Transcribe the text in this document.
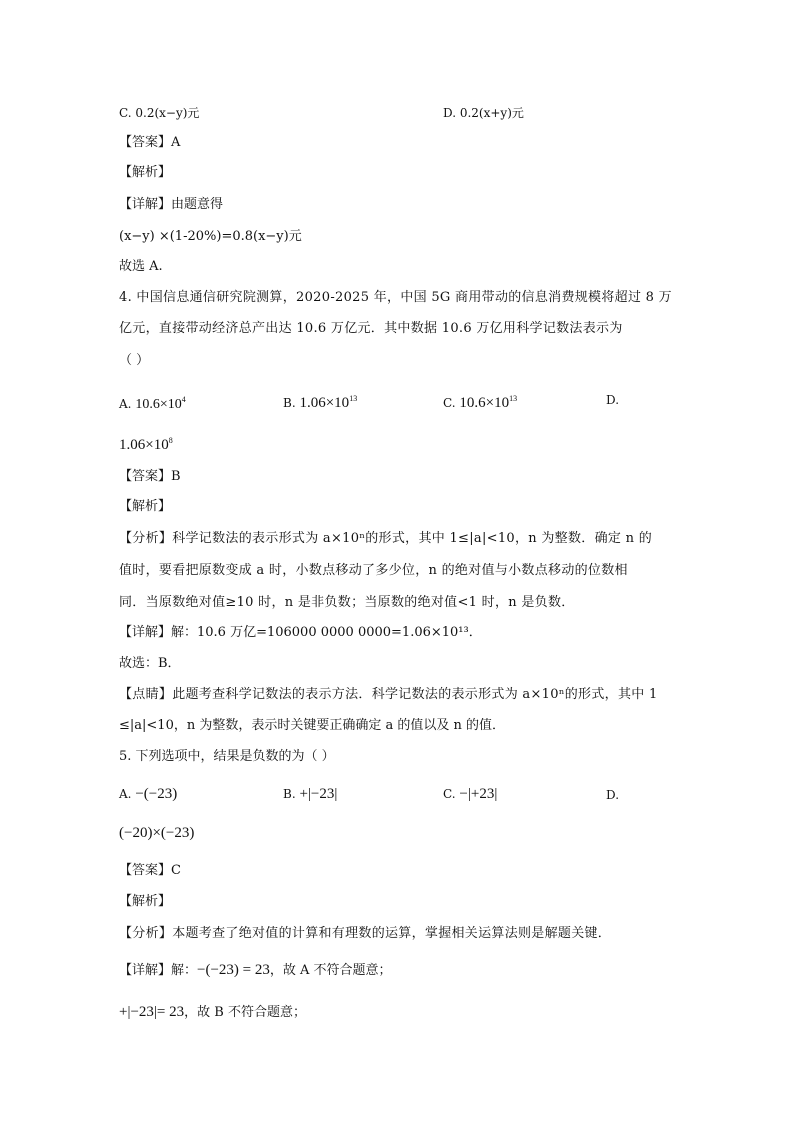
C. 0.2(x−y)元	D. 0.2(x+y)元
【答案】A
【解析】
【详解】由题意得
(x−y) ×(1-20%)=0.8(x−y)元
故选 A.
4. 中国信息通信研究院测算，2020-2025 年，中国 5G 商用带动的信息消费规模将超过 8 万
亿元，直接带动经济总产出达 10.6 万亿元．其中数据 10.6 万亿用科学记数法表示为
（ ）
A. $10.6\times 10^4$	B. $1.06\times 10^{13}$	C. $10.6\times 10^{13}$	D.
$1.06\times 10^8$
【答案】B
【解析】
【分析】科学记数法的表示形式为 a×10ⁿ的形式，其中 1≤|a|<10，n 为整数．确定 n 的
值时，要看把原数变成 a 时，小数点移动了多少位，n 的绝对值与小数点移动的位数相
同．当原数绝对值≥10 时，n 是非负数；当原数的绝对值<1 时，n 是负数．
【详解】解：10.6 万亿=106000 0000 0000=1.06×10¹³．
故选：B．
【点睛】此题考查科学记数法的表示方法．科学记数法的表示形式为 a×10ⁿ的形式，其中 1
≤|a|<10，n 为整数，表示时关键要正确确定 a 的值以及 n 的值．
5. 下列选项中，结果是负数的为（ ）
A. −(−23)	B. +|−23|	C. −|+23|	D.
(−20)×(−23)
【答案】C
【解析】
【分析】本题考查了绝对值的计算和有理数的运算，掌握相关运算法则是解题关键．
【详解】解：−(−23) = 23，故 A 不符合题意；
+|−23|= 23，故 B 不符合题意；
